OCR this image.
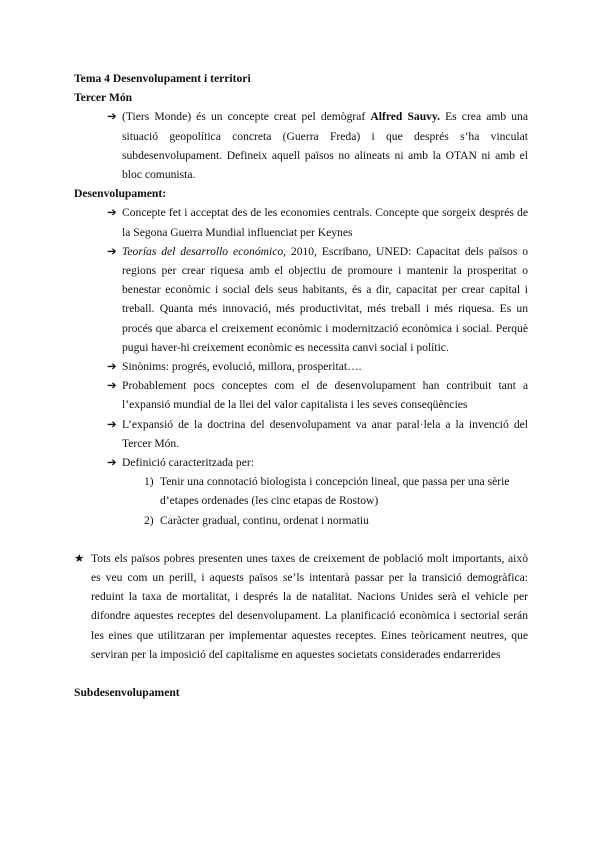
Tema 4 Desenvolupament i territori

Tercer Món

➔ (Tiers Monde) és un concepte creat pel demògraf Alfred Sauvy. Es crea amb una situació geopolítica concreta (Guerra Freda) i que després s’ha vinculat subdesenvolupament. Defineix aquell països no alineats ni amb la OTAN ni amb el bloc comunista.

Desenvolupament:

➔ Concepte fet i acceptat des de les economies centrals. Concepte que sorgeix després de la Segona Guerra Mundial influenciat per Keynes
➔ Teorías del desarrollo económico, 2010, Escribano, UNED: Capacitat dels països o regions per crear riquesa amb el objectiu de promoure i mantenir la prosperitat o benestar econòmic i social dels seus habitants, és a dir, capacitat per crear capital i treball. Quanta més innovació, més productivitat, més treball i més riquesa. Es un procés que abarca el creixement econòmic i modernització econòmica i social. Perquè pugui haver-hi creixement econòmic es necessita canvi social i polític.
➔ Sinònims: progrés, evolució, millora, prosperitat….
➔ Probablement pocs conceptes com el de desenvolupament han contribuit tant a l’expansió mundial de la llei del valor capitalista i les seves conseqüències
➔ L’expansió de la doctrina del desenvolupament va anar paral·lela a la invenció del Tercer Món.
➔ Definició caracteritzada per:
1) Tenir una connotació biologista i concepción lineal, que passa per una sèrie d’etapes ordenades (les cinc etapas de Rostow)
2) Caràcter gradual, continu, ordenat i normatiu
★ Tots els països pobres presenten unes taxes de creixement de població molt importants, això es veu com un perill, i aquests països se’ls intentarà passar per la transició demogràfica: reduint la taxa de mortalitat, i després la de natalitat. Nacions Unides serà el vehicle per difondre aquestes receptes del desenvolupament. La planificació econòmica i sectorial serán les eines que utilitzaran per implementar aquestes receptes. Eines teòricament neutres, que serviran per la imposició del capitalisme en aquestes societats considerades endarrerides

Subdesenvolupament
